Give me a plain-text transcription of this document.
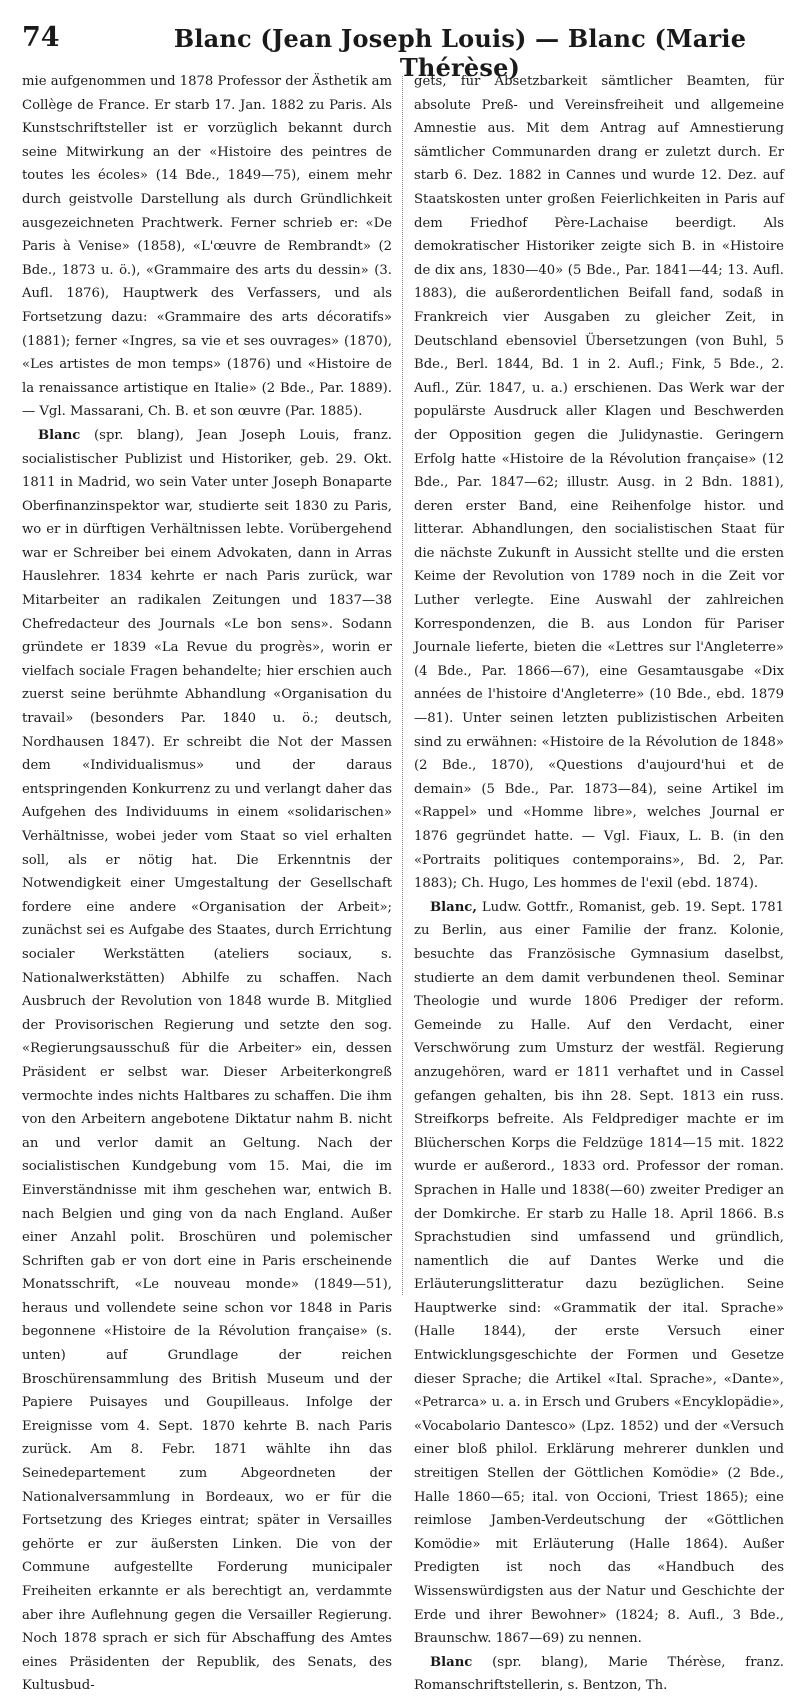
74	Blanc (Jean Joseph Louis) — Blanc (Marie Thérèse)

mie aufgenommen und 1878 Professor der Ästhetik am Collège de France. Er starb 17. Jan. 1882 zu Paris. Als Kunstschriftsteller ist er vorzüglich bekannt durch seine Mitwirkung an der «Histoire des peintres de toutes les écoles» (14 Bde., 1849—75), einem mehr durch geistvolle Darstellung als durch Gründlichkeit ausgezeichneten Prachtwerk. Ferner schrieb er: «De Paris à Venise» (1858), «L'œuvre de Rembrandt» (2 Bde., 1873 u. ö.), «Grammaire des arts du dessin» (3. Aufl. 1876), Hauptwerk des Verfassers, und als Fortsetzung dazu: «Grammaire des arts décoratifs» (1881); ferner «Ingres, sa vie et ses ouvrages» (1870), «Les artistes de mon temps» (1876) und «Histoire de la renaissance artistique en Italie» (2 Bde., Par. 1889). — Vgl. Massarani, Ch. B. et son œuvre (Par. 1885).

Blanc (spr. blang), Jean Joseph Louis, franz. socialistischer Publizist und Historiker, geb. 29. Okt. 1811 in Madrid, wo sein Vater unter Joseph Bonaparte Oberfinanzinspektor war, studierte seit 1830 zu Paris, wo er in dürftigen Verhältnissen lebte. Vorübergehend war er Schreiber bei einem Advokaten, dann in Arras Hauslehrer. 1834 kehrte er nach Paris zurück, war Mitarbeiter an radikalen Zeitungen und 1837—38 Chefredacteur des Journals «Le bon sens». Sodann gründete er 1839 «La Revue du progrès», worin er vielfach sociale Fragen behandelte; hier erschien auch zuerst seine berühmte Abhandlung «Organisation du travail» (besonders Par. 1840 u. ö.; deutsch, Nordhausen 1847). Er schreibt die Not der Massen dem «Individualismus» und der daraus entspringenden Konkurrenz zu und verlangt daher das Aufgehen des Individuums in einem «solidarischen» Verhältnisse, wobei jeder vom Staat so viel erhalten soll, als er nötig hat. Die Erkenntnis der Notwendigkeit einer Umgestaltung der Gesellschaft fordere eine andere «Organisation der Arbeit»; zunächst sei es Aufgabe des Staates, durch Errichtung socialer Werkstätten (ateliers sociaux, s. Nationalwerkstätten) Abhilfe zu schaffen. Nach Ausbruch der Revolution von 1848 wurde B. Mitglied der Provisorischen Regierung und setzte den sog. «Regierungsausschuß für die Arbeiter» ein, dessen Präsident er selbst war. Dieser Arbeiterkongreß vermochte indes nichts Haltbares zu schaffen. Die ihm von den Arbeitern angebotene Diktatur nahm B. nicht an und verlor damit an Geltung. Nach der socialistischen Kundgebung vom 15. Mai, die im Einverständnisse mit ihm geschehen war, entwich B. nach Belgien und ging von da nach England. Außer einer Anzahl polit. Broschüren und polemischer Schriften gab er von dort eine in Paris erscheinende Monatsschrift, «Le nouveau monde» (1849—51), heraus und vollendete seine schon vor 1848 in Paris begonnene «Histoire de la Révolution française» (s. unten) auf Grundlage der reichen Broschürensammlung des British Museum und der Papiere Puisayes und Goupilleaus. Infolge der Ereignisse vom 4. Sept. 1870 kehrte B. nach Paris zurück. Am 8. Febr. 1871 wählte ihn das Seinedepartement zum Abgeordneten der Nationalversammlung in Bordeaux, wo er für die Fortsetzung des Krieges eintrat; später in Versailles gehörte er zur äußersten Linken. Die von der Commune aufgestellte Forderung municipaler Freiheiten erkannte er als berechtigt an, verdammte aber ihre Auflehnung gegen die Versailler Regierung. Noch 1878 sprach er sich für Abschaffung des Amtes eines Präsidenten der Republik, des Senats, des Kultusbud-

gets, für Absetzbarkeit sämtlicher Beamten, für absolute Preß- und Vereinsfreiheit und allgemeine Amnestie aus. Mit dem Antrag auf Amnestierung sämtlicher Communarden drang er zuletzt durch. Er starb 6. Dez. 1882 in Cannes und wurde 12. Dez. auf Staatskosten unter großen Feierlichkeiten in Paris auf dem Friedhof Père-Lachaise beerdigt. Als demokratischer Historiker zeigte sich B. in «Histoire de dix ans, 1830—40» (5 Bde., Par. 1841—44; 13. Aufl. 1883), die außerordentlichen Beifall fand, sodaß in Frankreich vier Ausgaben zu gleicher Zeit, in Deutschland ebensoviel Übersetzungen (von Buhl, 5 Bde., Berl. 1844, Bd. 1 in 2. Aufl.; Fink, 5 Bde., 2. Aufl., Zür. 1847, u. a.) erschienen. Das Werk war der populärste Ausdruck aller Klagen und Beschwerden der Opposition gegen die Julidynastie. Geringern Erfolg hatte «Histoire de la Révolution française» (12 Bde., Par. 1847—62; illustr. Ausg. in 2 Bdn. 1881), deren erster Band, eine Reihenfolge histor. und litterar. Abhandlungen, den socialistischen Staat für die nächste Zukunft in Aussicht stellte und die ersten Keime der Revolution von 1789 noch in die Zeit vor Luther verlegte. Eine Auswahl der zahlreichen Korrespondenzen, die B. aus London für Pariser Journale lieferte, bieten die «Lettres sur l'Angleterre» (4 Bde., Par. 1866—67), eine Gesamtausgabe «Dix années de l'histoire d'Angleterre» (10 Bde., ebd. 1879—81). Unter seinen letzten publizistischen Arbeiten sind zu erwähnen: «Histoire de la Révolution de 1848» (2 Bde., 1870), «Questions d'aujourd'hui et de demain» (5 Bde., Par. 1873—84), seine Artikel im «Rappel» und «Homme libre», welches Journal er 1876 gegründet hatte. — Vgl. Fiaux, L. B. (in den «Portraits politiques contemporains», Bd. 2, Par. 1883); Ch. Hugo, Les hommes de l'exil (ebd. 1874).

Blanc, Ludw. Gottfr., Romanist, geb. 19. Sept. 1781 zu Berlin, aus einer Familie der franz. Kolonie, besuchte das Französische Gymnasium daselbst, studierte an dem damit verbundenen theol. Seminar Theologie und wurde 1806 Prediger der reform. Gemeinde zu Halle. Auf den Verdacht, einer Verschwörung zum Umsturz der westfäl. Regierung anzugehören, ward er 1811 verhaftet und in Cassel gefangen gehalten, bis ihn 28. Sept. 1813 ein russ. Streifkorps befreite. Als Feldprediger machte er im Blücherschen Korps die Feldzüge 1814—15 mit. 1822 wurde er außerord., 1833 ord. Professor der roman. Sprachen in Halle und 1838(—60) zweiter Prediger an der Domkirche. Er starb zu Halle 18. April 1866. B.s Sprachstudien sind umfassend und gründlich, namentlich die auf Dantes Werke und die Erläuterungslitteratur dazu bezüglichen. Seine Hauptwerke sind: «Grammatik der ital. Sprache» (Halle 1844), der erste Versuch einer Entwicklungsgeschichte der Formen und Gesetze dieser Sprache; die Artikel «Ital. Sprache», «Dante», «Petrarca» u. a. in Ersch und Grubers «Encyklopädie», «Vocabolario Dantesco» (Lpz. 1852) und der «Versuch einer bloß philol. Erklärung mehrerer dunklen und streitigen Stellen der Göttlichen Komödie» (2 Bde., Halle 1860—65; ital. von Occioni, Triest 1865); eine reimlose Jamben-Verdeutschung der «Göttlichen Komödie» mit Erläuterung (Halle 1864). Außer Predigten ist noch das «Handbuch des Wissenswürdigsten aus der Natur und Geschichte der Erde und ihrer Bewohner» (1824; 8. Aufl., 3 Bde., Braunschw. 1867—69) zu nennen.

Blanc (spr. blang), Marie Thérèse, franz. Romanschriftstellerin, s. Bentzon, Th.
